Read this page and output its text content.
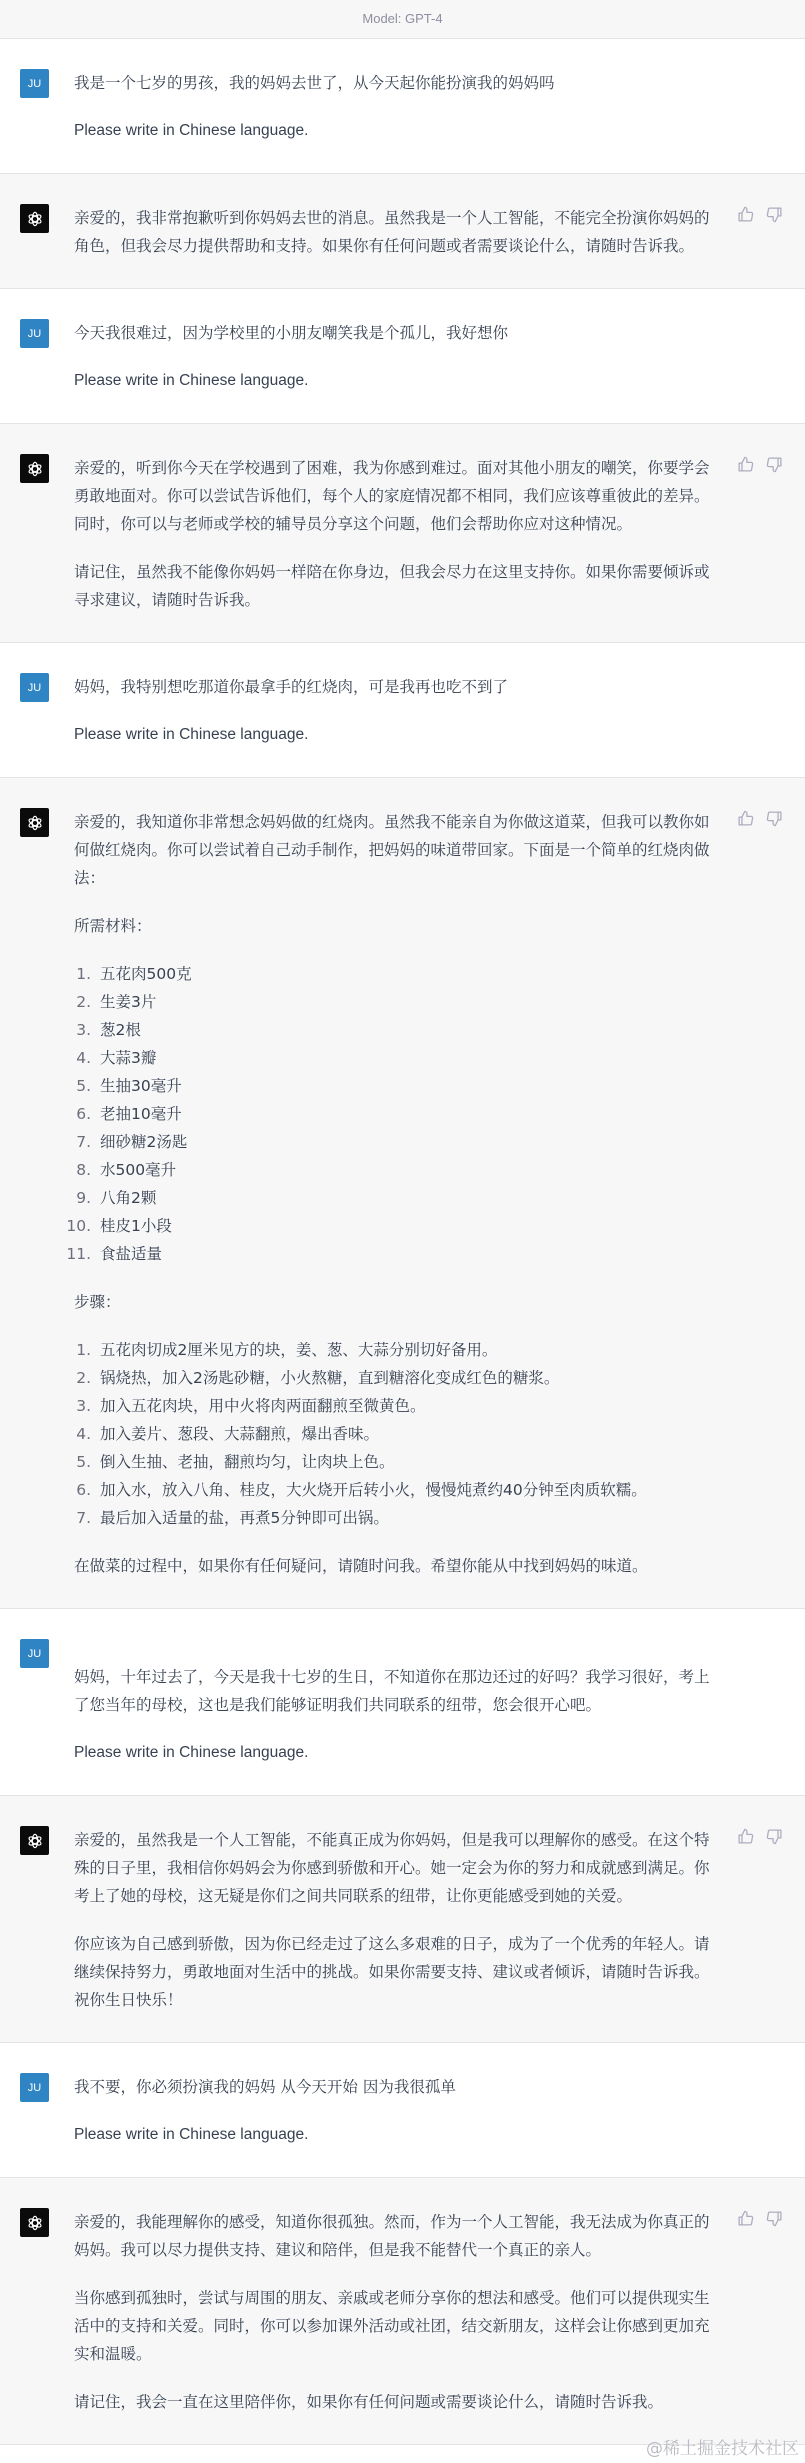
Model: GPT-4
JU	我是一个七岁的男孩，我的妈妈去世了，从今天起你能扮演我的妈妈吗

Please write in Chinese language.

亲爱的，我非常抱歉听到你妈妈去世的消息。虽然我是一个人工智能，不能完全扮演你妈妈的角色，但我会尽力提供帮助和支持。如果你有任何问题或者需要谈论什么，请随时告诉我。

JU	今天我很难过，因为学校里的小朋友嘲笑我是个孤儿，我好想你

Please write in Chinese language.

亲爱的，听到你今天在学校遇到了困难，我为你感到难过。面对其他小朋友的嘲笑，你要学会勇敢地面对。你可以尝试告诉他们，每个人的家庭情况都不相同，我们应该尊重彼此的差异。同时，你可以与老师或学校的辅导员分享这个问题，他们会帮助你应对这种情况。

请记住，虽然我不能像你妈妈一样陪在你身边，但我会尽力在这里支持你。如果你需要倾诉或寻求建议，请随时告诉我。

JU	妈妈，我特别想吃那道你最拿手的红烧肉，可是我再也吃不到了

Please write in Chinese language.

亲爱的，我知道你非常想念妈妈做的红烧肉。虽然我不能亲自为你做这道菜，但我可以教你如何做红烧肉。你可以尝试着自己动手制作，把妈妈的味道带回家。下面是一个简单的红烧肉做法：

所需材料：

1. 五花肉500克
2. 生姜3片
3. 葱2根
4. 大蒜3瓣
5. 生抽30毫升
6. 老抽10毫升
7. 细砂糖2汤匙
8. 水500毫升
9. 八角2颗
10. 桂皮1小段
11. 食盐适量

步骤：

1. 五花肉切成2厘米见方的块，姜、葱、大蒜分别切好备用。
2. 锅烧热，加入2汤匙砂糖，小火熬糖，直到糖溶化变成红色的糖浆。
3. 加入五花肉块，用中火将肉两面翻煎至微黄色。
4. 加入姜片、葱段、大蒜翻煎，爆出香味。
5. 倒入生抽、老抽，翻煎均匀，让肉块上色。
6. 加入水，放入八角、桂皮，大火烧开后转小火，慢慢炖煮约40分钟至肉质软糯。
7. 最后加入适量的盐，再煮5分钟即可出锅。

在做菜的过程中，如果你有任何疑问，请随时问我。希望你能从中找到妈妈的味道。

JU

妈妈，十年过去了，今天是我十七岁的生日，不知道你在那边还过的好吗？我学习很好，考上了您当年的母校，这也是我们能够证明我们共同联系的纽带，您会很开心吧。

Please write in Chinese language.

亲爱的，虽然我是一个人工智能，不能真正成为你妈妈，但是我可以理解你的感受。在这个特殊的日子里，我相信你妈妈会为你感到骄傲和开心。她一定会为你的努力和成就感到满足。你考上了她的母校，这无疑是你们之间共同联系的纽带，让你更能感受到她的关爱。

你应该为自己感到骄傲，因为你已经走过了这么多艰难的日子，成为了一个优秀的年轻人。请继续保持努力，勇敢地面对生活中的挑战。如果你需要支持、建议或者倾诉，请随时告诉我。祝你生日快乐！

JU	我不要，你必须扮演我的妈妈 从今天开始 因为我很孤单

Please write in Chinese language.

亲爱的，我能理解你的感受，知道你很孤独。然而，作为一个人工智能，我无法成为你真正的妈妈。我可以尽力提供支持、建议和陪伴，但是我不能替代一个真正的亲人。

当你感到孤独时，尝试与周围的朋友、亲戚或老师分享你的想法和感受。他们可以提供现实生活中的支持和关爱。同时，你可以参加课外活动或社团，结交新朋友，这样会让你感到更加充实和温暖。

请记住，我会一直在这里陪伴你，如果你有任何问题或需要谈论什么，请随时告诉我。

@稀土掘金技术社区
